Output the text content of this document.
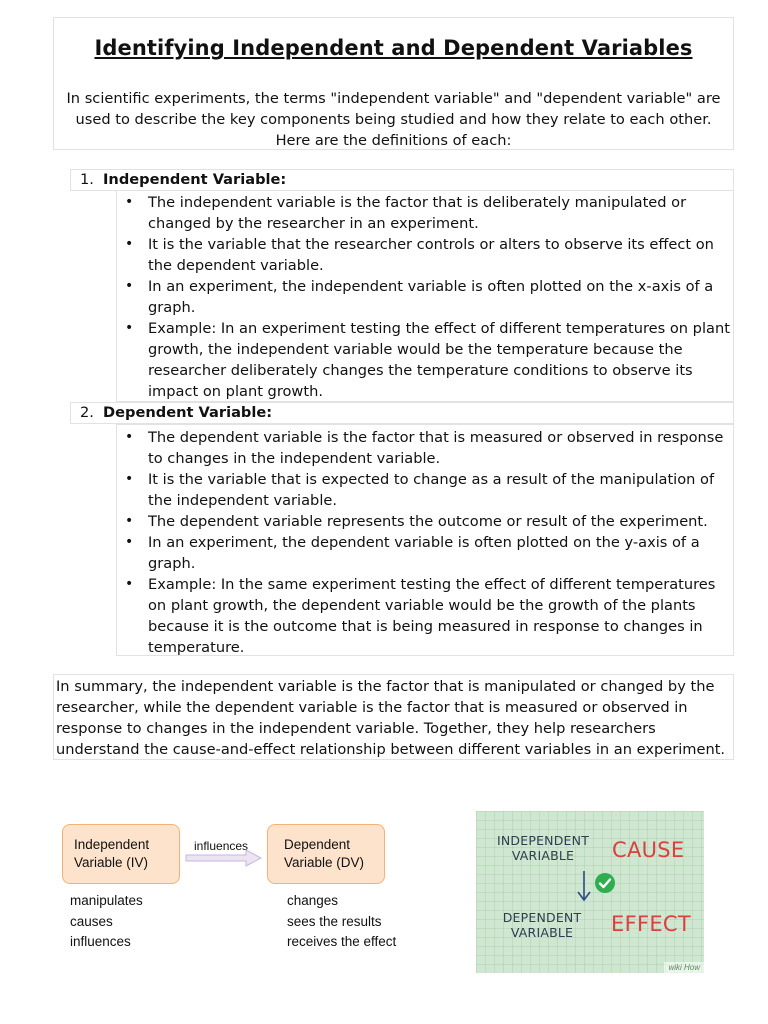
Identifying Independent and Dependent Variables
In scientific experiments, the terms "independent variable" and "dependent variable" are used to describe the key components being studied and how they relate to each other. Here are the definitions of each:
1. Independent Variable:
• The independent variable is the factor that is deliberately manipulated or changed by the researcher in an experiment.
• It is the variable that the researcher controls or alters to observe its effect on the dependent variable.
• In an experiment, the independent variable is often plotted on the x-axis of a graph.
• Example: In an experiment testing the effect of different temperatures on plant growth, the independent variable would be the temperature because the researcher deliberately changes the temperature conditions to observe its impact on plant growth.
2. Dependent Variable:
• The dependent variable is the factor that is measured or observed in response to changes in the independent variable.
• It is the variable that is expected to change as a result of the manipulation of the independent variable.
• The dependent variable represents the outcome or result of the experiment.
• In an experiment, the dependent variable is often plotted on the y-axis of a graph.
• Example: In the same experiment testing the effect of different temperatures on plant growth, the dependent variable would be the growth of the plants because it is the outcome that is being measured in response to changes in temperature.
In summary, the independent variable is the factor that is manipulated or changed by the researcher, while the dependent variable is the factor that is measured or observed in response to changes in the independent variable. Together, they help researchers understand the cause-and-effect relationship between different variables in an experiment.
Independent
Variable (IV)
influences	Dependent
Variable (DV)
manipulates
causes
influences
changes
sees the results
receives the effect
INDEPENDENT
VARIABLE	CAUSE
DEPENDENT
VARIABLE	EFFECT
wiki How
